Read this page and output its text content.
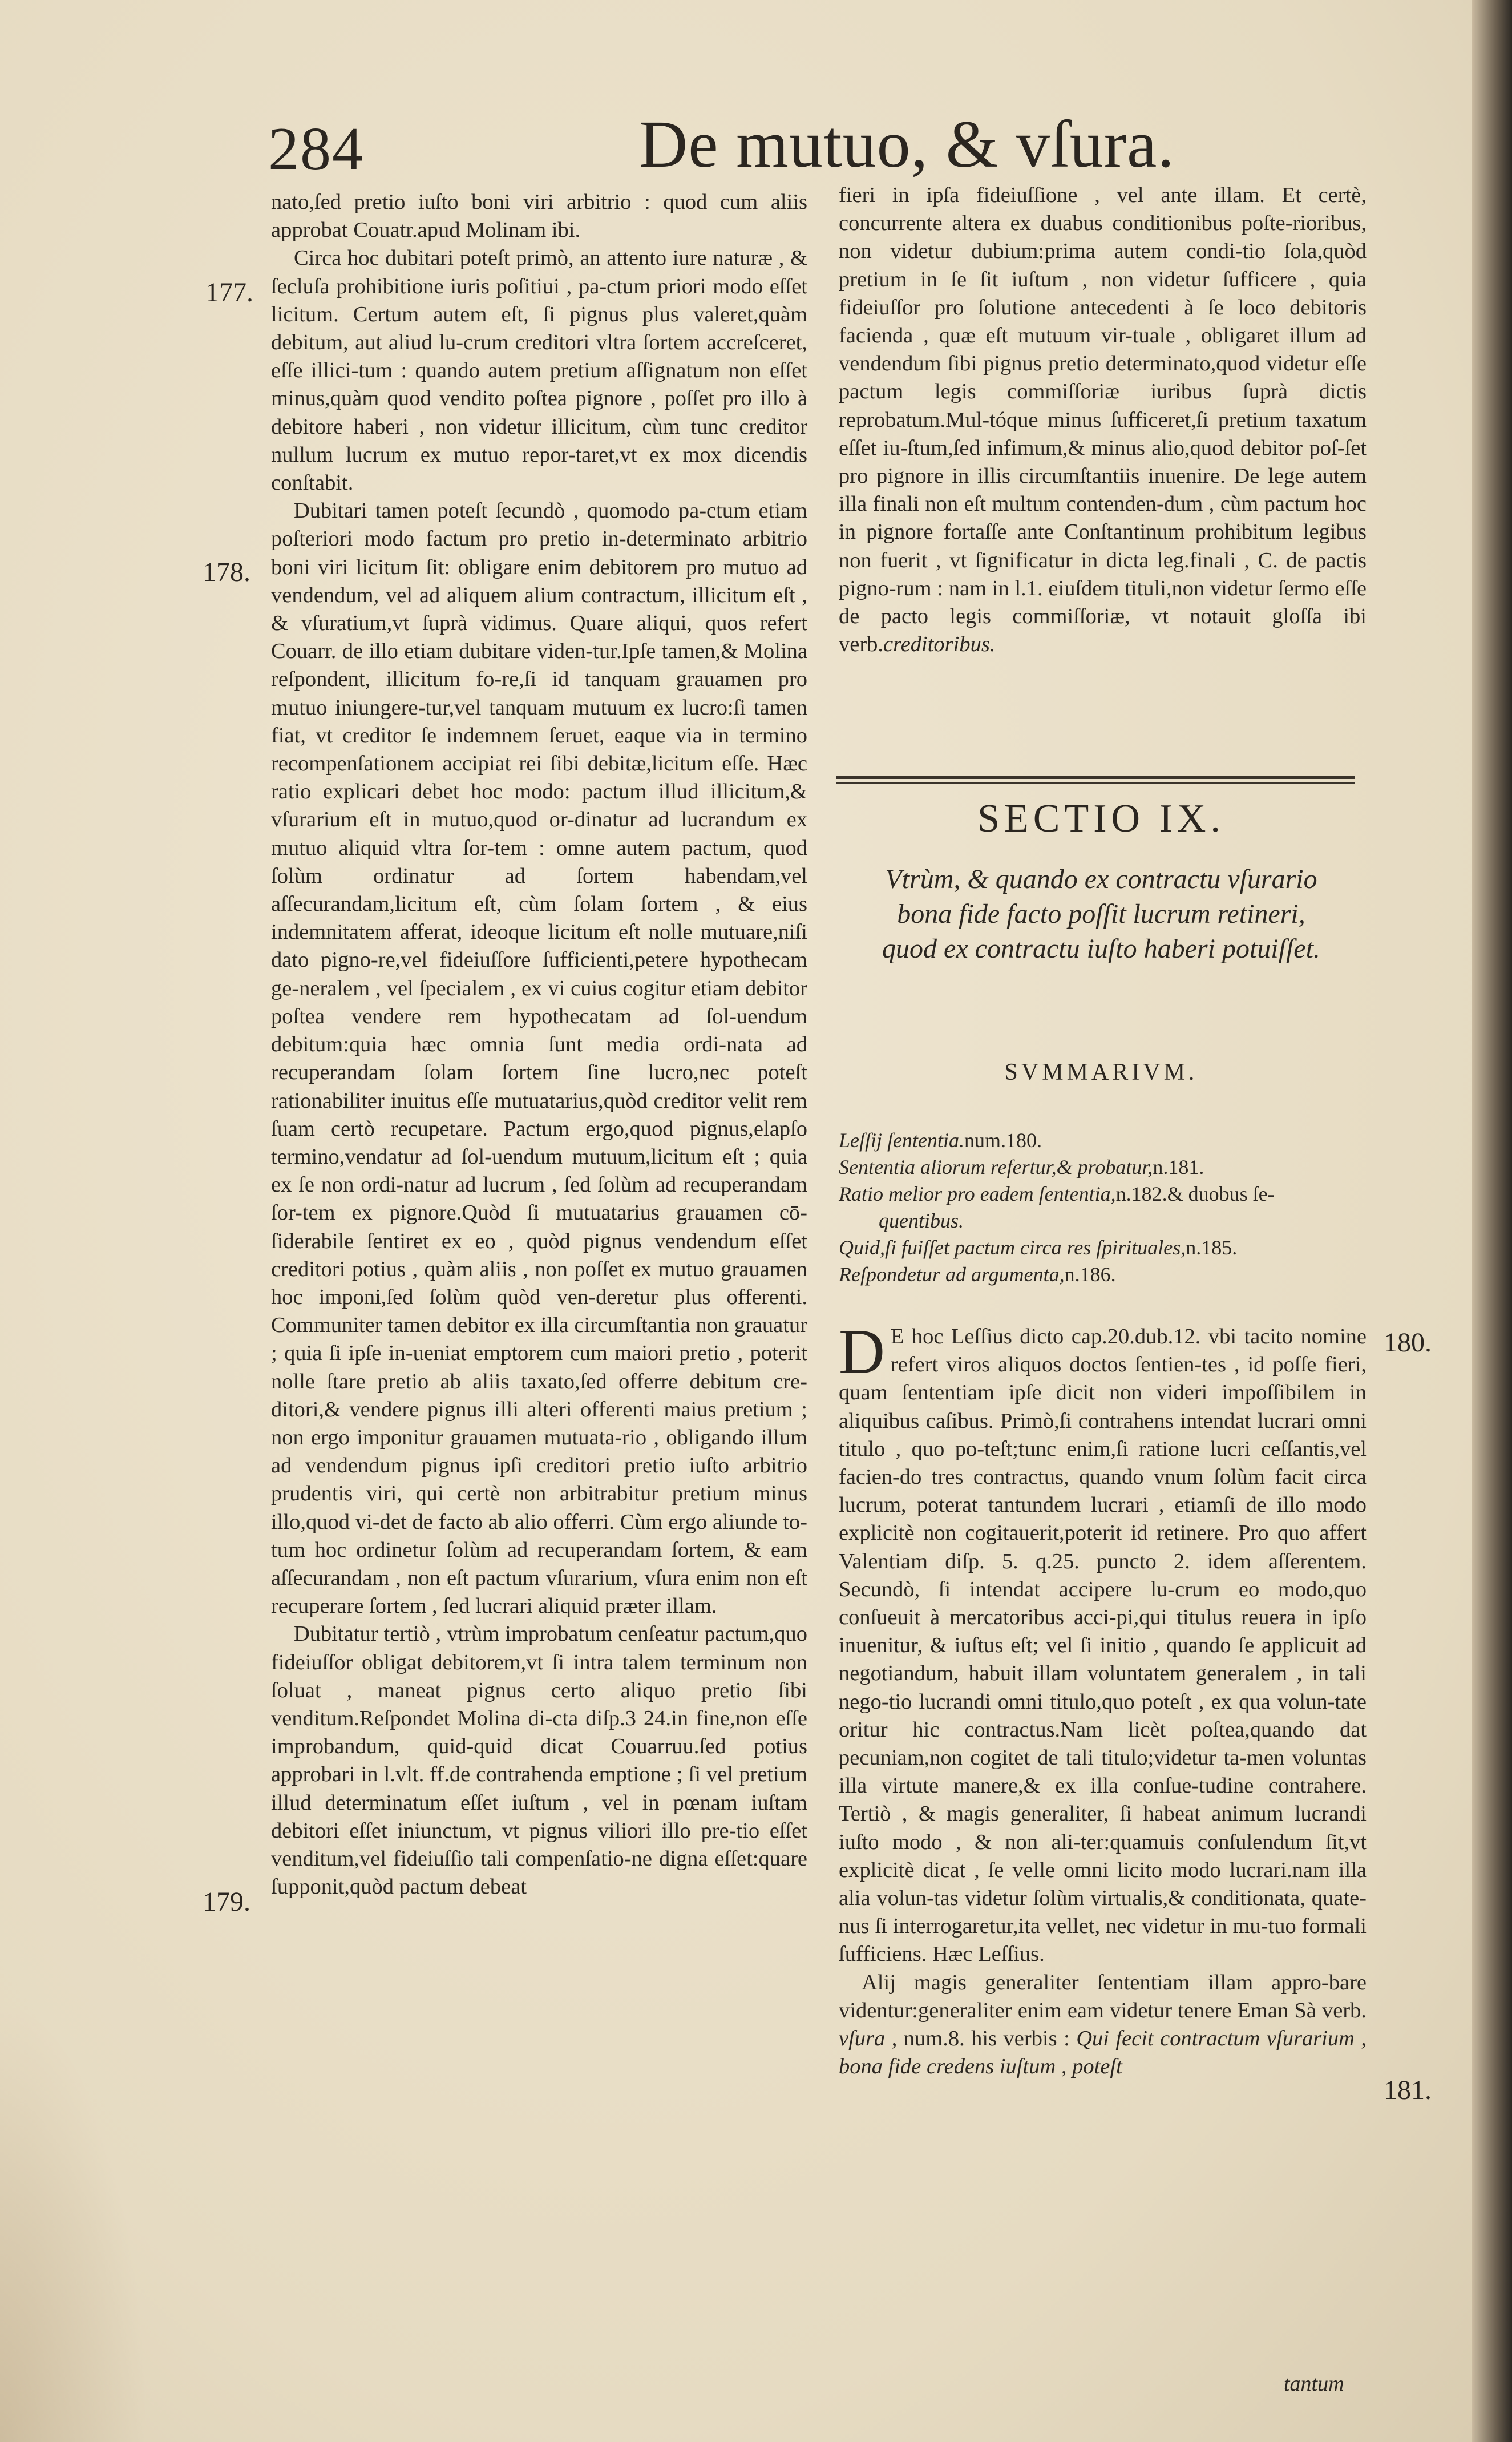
284	De mutuo, & vſura.
177.
178.
179.
180.
181.

nato,ſed pretio iuſto boni viri arbitrio : quod cum aliis approbat Couatr.apud Molinam ibi.

Circa hoc dubitari poteſt primò, an attento iure naturæ , & ſecluſa prohibitione iuris poſitiui , pa-ctum priori modo eſſet licitum. Certum autem eſt, ſi pignus plus valeret,quàm debitum, aut aliud lu-crum creditori vltra ſortem accreſceret, eſſe illici-tum : quando autem pretium aſſignatum non eſſet minus,quàm quod vendito poſtea pignore , poſſet pro illo à debitore haberi , non videtur illicitum, cùm tunc creditor nullum lucrum ex mutuo repor-taret,vt ex mox dicendis conſtabit.

Dubitari tamen poteſt ſecundò , quomodo pa-ctum etiam poſteriori modo factum pro pretio in-determinato arbitrio boni viri licitum ſit: obligare enim debitorem pro mutuo ad vendendum, vel ad aliquem alium contractum, illicitum eſt , & vſuratium,vt ſuprà vidimus. Quare aliqui, quos refert Couarr. de illo etiam dubitare viden-tur.Ipſe tamen,& Molina reſpondent, illicitum fo-re,ſi id tanquam grauamen pro mutuo iniungere-tur,vel tanquam mutuum ex lucro:ſi tamen fiat, vt creditor ſe indemnem ſeruet, eaque via in termino recompenſationem accipiat rei ſibi debitæ,licitum eſſe. Hæc ratio explicari debet hoc modo: pactum illud illicitum,& vſurarium eſt in mutuo,quod or-dinatur ad lucrandum ex mutuo aliquid vltra ſor-tem : omne autem pactum, quod ſolùm ordinatur ad ſortem habendam,vel aſſecurandam,licitum eſt, cùm ſolam ſortem , & eius indemnitatem afferat, ideoque licitum eſt nolle mutuare,niſi dato pigno-re,vel fideiuſſore ſufficienti,petere hypothecam ge-neralem , vel ſpecialem , ex vi cuius cogitur etiam debitor poſtea vendere rem hypothecatam ad ſol-uendum debitum:quia hæc omnia ſunt media ordi-nata ad recuperandam ſolam ſortem ſine lucro,nec poteſt rationabiliter inuitus eſſe mutuatarius,quòd creditor velit rem ſuam certò recupetare. Pactum ergo,quod pignus,elapſo termino,vendatur ad ſol-uendum mutuum,licitum eſt ; quia ex ſe non ordi-natur ad lucrum , ſed ſolùm ad recuperandam ſor-tem ex pignore.Quòd ſi mutuatarius grauamen cō-ſiderabile ſentiret ex eo , quòd pignus vendendum eſſet creditori potius , quàm aliis , non poſſet ex mutuo grauamen hoc imponi,ſed ſolùm quòd ven-deretur plus offerenti. Communiter tamen debitor ex illa circumſtantia non grauatur ; quia ſi ipſe in-ueniat emptorem cum maiori pretio , poterit nolle ſtare pretio ab aliis taxato,ſed offerre debitum cre-ditori,& vendere pignus illi alteri offerenti maius pretium ; non ergo imponitur grauamen mutuata-rio , obligando illum ad vendendum pignus ipſi creditori pretio iuſto arbitrio prudentis viri, qui certè non arbitrabitur pretium minus illo,quod vi-det de facto ab alio offerri. Cùm ergo aliunde to-tum hoc ordinetur ſolùm ad recuperandam ſortem, & eam aſſecurandam , non eſt pactum vſurarium, vſura enim non eſt recuperare ſortem , ſed lucrari aliquid præter illam.

Dubitatur tertiò , vtrùm improbatum cenſeatur pactum,quo fideiuſſor obligat debitorem,vt ſi intra talem terminum non ſoluat , maneat pignus certo aliquo pretio ſibi venditum.Reſpondet Molina di-cta diſp.3 24.in fine,non eſſe improbandum, quid-quid dicat Couarruu.ſed potius approbari in l.vlt. ff.de contrahenda emptione ; ſi vel pretium illud determinatum eſſet iuſtum , vel in pœnam iuſtam debitori eſſet iniunctum, vt pignus viliori illo pre-tio eſſet venditum,vel fideiuſſio tali compenſatio-ne digna eſſet:quare ſupponit,quòd pactum debeat

fieri in ipſa fideiuſſione , vel ante illam. Et certè, concurrente altera ex duabus conditionibus poſte-rioribus, non videtur dubium:prima autem condi-tio ſola,quòd pretium in ſe ſit iuſtum , non videtur ſufficere , quia fideiuſſor pro ſolutione antecedenti à ſe loco debitoris facienda , quæ eſt mutuum vir-tuale , obligaret illum ad vendendum ſibi pignus pretio determinato,quod videtur eſſe pactum legis commiſſoriæ iuribus ſuprà dictis reprobatum.Mul-tóque minus ſufficeret,ſi pretium taxatum eſſet iu-ſtum,ſed infimum,& minus alio,quod debitor poſ-ſet pro pignore in illis circumſtantiis inuenire. De lege autem illa finali non eſt multum contenden-dum , cùm pactum hoc in pignore fortaſſe ante Conſtantinum prohibitum legibus non fuerit , vt ſignificatur in dicta leg.finali , C. de pactis pigno-rum : nam in l.1. eiuſdem tituli,non videtur ſermo eſſe de pacto legis commiſſoriæ, vt notauit gloſſa ibi verb.creditoribus.

SECTIO IX.
Vtrùm, & quando ex contractu vſurario bona fide facto poſſit lucrum retineri, quod ex contractu iuſto haberi potuiſſet.
SVMMARIVM.
Leſſij ſententia.num.180.
Sententia aliorum refertur,& probatur,n.181.
Ratio melior pro eadem ſententia,n.182.& duobus ſe-
quentibus.
Quid,ſi fuiſſet pactum circa res ſpirituales,n.185.
Reſpondetur ad argumenta,n.186.

D E hoc Leſſius dicto cap.20.dub.12. vbi tacito nomine refert viros aliquos doctos ſentien-tes , id poſſe fieri, quam ſententiam ipſe dicit non videri impoſſibilem in aliquibus caſibus. Primò,ſi contrahens intendat lucrari omni titulo , quo po-teſt;tunc enim,ſi ratione lucri ceſſantis,vel facien-do tres contractus, quando vnum ſolùm facit circa lucrum, poterat tantundem lucrari , etiamſi de illo modo explicitè non cogitauerit,poterit id retinere. Pro quo affert Valentiam diſp. 5. q.25. puncto 2. idem aſſerentem. Secundò, ſi intendat accipere lu-crum eo modo,quo conſueuit à mercatoribus acci-pi,qui titulus reuera in ipſo inuenitur, & iuſtus eſt; vel ſi initio , quando ſe applicuit ad negotiandum, habuit illam voluntatem generalem , in tali nego-tio lucrandi omni titulo,quo poteſt , ex qua volun-tate oritur hic contractus.Nam licèt poſtea,quando dat pecuniam,non cogitet de tali titulo;videtur ta-men voluntas illa virtute manere,& ex illa conſue-tudine contrahere. Tertiò , & magis generaliter, ſi habeat animum lucrandi iuſto modo , & non ali-ter:quamuis conſulendum ſit,vt explicitè dicat , ſe velle omni licito modo lucrari.nam illa alia volun-tas videtur ſolùm virtualis,& conditionata, quate-nus ſi interrogaretur,ita vellet, nec videtur in mu-tuo formali ſufficiens. Hæc Leſſius.

Alij magis generaliter ſententiam illam appro-bare videntur:generaliter enim eam videtur tenere Eman Sà verb. vſura , num.8. his verbis : Qui fecit contractum vſurarium , bona fide credens iuſtum , poteſt

tantum
